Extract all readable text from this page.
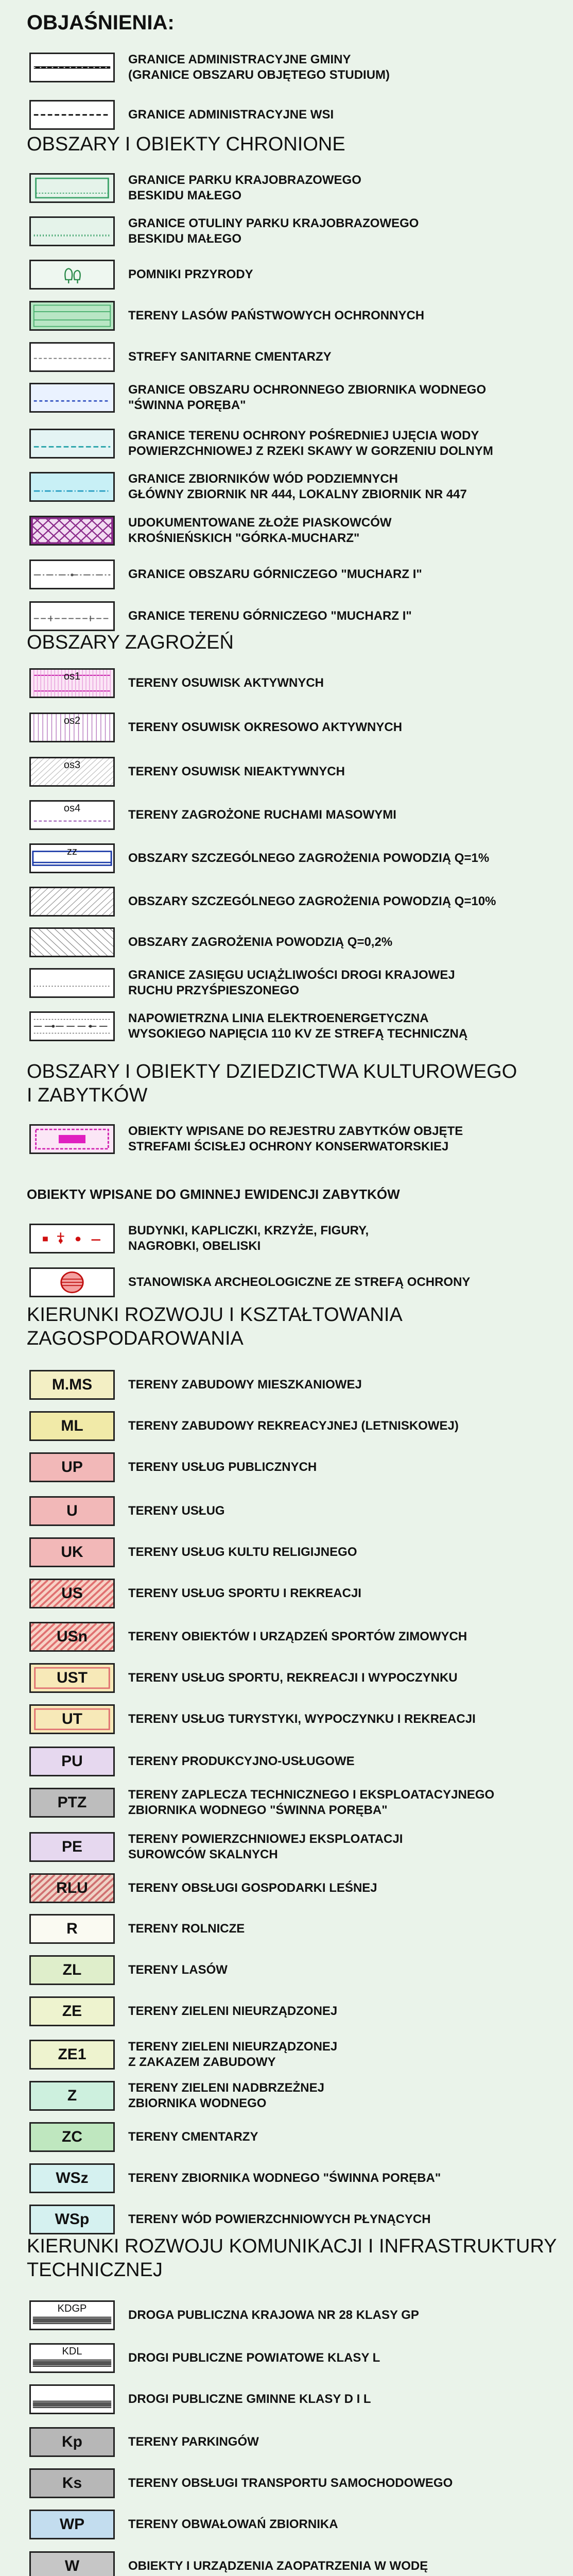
OBJAŚNIENIA:
OBSZARY I OBIEKTY CHRONIONE
OBSZARY ZAGROŻEŃ
OBSZARY I OBIEKTY DZIEDZICTWA KULTUROWEGO
I ZABYTKÓW
OBIEKTY WPISANE DO GMINNEJ EWIDENCJI ZABYTKÓW
KIERUNKI ROZWOJU I KSZTAŁTOWANIA
ZAGOSPODAROWANIA
KIERUNKI ROZWOJU KOMUNIKACJI I INFRASTRUKTURY
TECHNICZNEJ
GRANICE ADMINISTRACYJNE GMINY
(GRANICE OBSZARU OBJĘTEGO STUDIUM)
GRANICE ADMINISTRACYJNE WSI
GRANICE PARKU KRAJOBRAZOWEGO
BESKIDU MAŁEGO
GRANICE OTULINY PARKU KRAJOBRAZOWEGO
BESKIDU MAŁEGO
POMNIKI PRZYRODY
TERENY LASÓW PAŃSTWOWYCH OCHRONNYCH
STREFY SANITARNE CMENTARZY
GRANICE OBSZARU OCHRONNEGO ZBIORNIKA WODNEGO
"ŚWINNA PORĘBA"
GRANICE TERENU OCHRONY POŚREDNIEJ UJĘCIA WODY
POWIERZCHNIOWEJ Z RZEKI SKAWY W GORZENIU DOLNYM
GRANICE ZBIORNIKÓW WÓD PODZIEMNYCH
GŁÓWNY ZBIORNIK NR 444, LOKALNY ZBIORNIK NR 447
UDOKUMENTOWANE ZŁOŻE PIASKOWCÓW
KROŚNIEŃSKICH "GÓRKA-MUCHARZ"
GRANICE OBSZARU GÓRNICZEGO "MUCHARZ I"
GRANICE TERENU GÓRNICZEGO "MUCHARZ I"
os1	TERENY OSUWISK AKTYWNYCH
os2	TERENY OSUWISK OKRESOWO AKTYWNYCH
os3	TERENY OSUWISK NIEAKTYWNYCH
os4	TERENY ZAGROŻONE RUCHAMI MASOWYMI
zz	OBSZARY SZCZEGÓLNEGO ZAGROŻENIA POWODZIĄ Q=1%
OBSZARY SZCZEGÓLNEGO ZAGROŻENIA POWODZIĄ Q=10%
OBSZARY ZAGROŻENIA POWODZIĄ Q=0,2%
GRANICE ZASIĘGU UCIĄŻLIWOŚCI DROGI KRAJOWEJ
RUCHU PRZYŚPIESZONEGO
NAPOWIETRZNA LINIA ELEKTROENERGETYCZNA
WYSOKIEGO NAPIĘCIA 110 KV ZE STREFĄ TECHNICZNĄ
OBIEKTY WPISANE DO REJESTRU ZABYTKÓW OBJĘTE
STREFAMI ŚCISŁEJ OCHRONY KONSERWATORSKIEJ
BUDYNKI, KAPLICZKI, KRZYŻE, FIGURY,
NAGROBKI, OBELISKI
STANOWISKA ARCHEOLOGICZNE ZE STREFĄ OCHRONY
M.MS	TERENY ZABUDOWY MIESZKANIOWEJ
ML	TERENY ZABUDOWY REKREACYJNEJ (LETNISKOWEJ)
UP	TERENY USŁUG PUBLICZNYCH
U	TERENY USŁUG
UK	TERENY USŁUG KULTU RELIGIJNEGO
US	TERENY USŁUG SPORTU I REKREACJI
USn	TERENY OBIEKTÓW I URZĄDZEŃ SPORTÓW ZIMOWYCH
UST	TERENY USŁUG SPORTU, REKREACJI I WYPOCZYNKU
UT	TERENY USŁUG TURYSTYKI, WYPOCZYNKU I REKREACJI
PU	TERENY PRODUKCYJNO-USŁUGOWE
PTZ	TERENY ZAPLECZA TECHNICZNEGO I EKSPLOATACYJNEGO
ZBIORNIKA WODNEGO "ŚWINNA PORĘBA"
PE	TERENY POWIERZCHNIOWEJ EKSPLOATACJI
SUROWCÓW SKALNYCH
RLU	TERENY OBSŁUGI GOSPODARKI LEŚNEJ
R	TERENY ROLNICZE
ZL	TERENY LASÓW
ZE	TERENY ZIELENI NIEURZĄDZONEJ
ZE1	TERENY ZIELENI NIEURZĄDZONEJ
Z ZAKAZEM ZABUDOWY
Z	TERENY ZIELENI NADBRZEŻNEJ
ZBIORNIKA WODNEGO
ZC	TERENY CMENTARZY
WSz	TERENY ZBIORNIKA WODNEGO "ŚWINNA PORĘBA"
WSp	TERENY WÓD POWIERZCHNIOWYCH PŁYNĄCYCH
KDGP	DROGA PUBLICZNA KRAJOWA NR 28 KLASY GP
KDL	DROGI PUBLICZNE POWIATOWE KLASY L
DROGI PUBLICZNE GMINNE KLASY D I L
Kp	TERENY PARKINGÓW
Ks	TERENY OBSŁUGI TRANSPORTU SAMOCHODOWEGO
WP	TERENY OBWAŁOWAŃ ZBIORNIKA
W	OBIEKTY I URZĄDZENIA ZAOPATRZENIA W WODĘ
